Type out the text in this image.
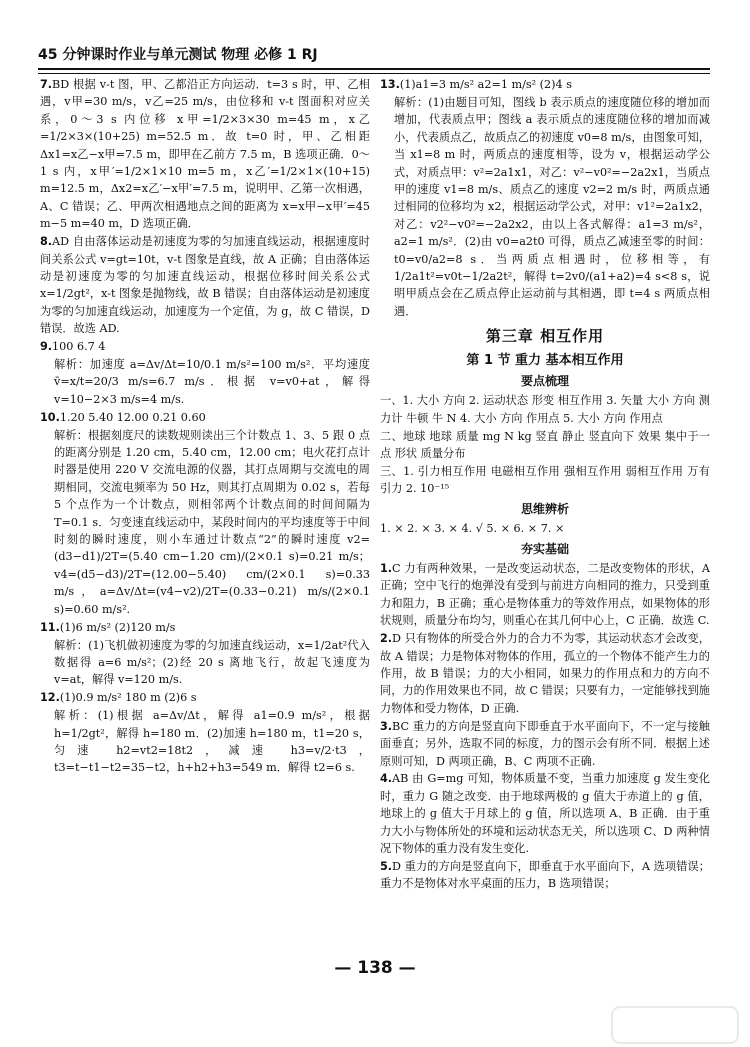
45 分钟课时作业与单元测试 物理 必修 1 RJ

7.BD 根据 v-t 图，甲、乙都沿正方向运动．t=3 s 时，甲、乙相遇，v甲=30 m/s，v乙=25 m/s，由位移和 v-t 图面积对应关系，0～3 s 内位移 x甲=1/2×3×30 m=45 m，x乙=1/2×3×(10+25) m=52.5 m．故 t=0 时，甲、乙相距 Δx1=x乙−x甲=7.5 m，即甲在乙前方 7.5 m，B 选项正确．0～1 s 内，x甲′=1/2×1×10 m=5 m，x乙′=1/2×1×(10+15) m=12.5 m，Δx2=x乙′−x甲′=7.5 m，说明甲、乙第一次相遇，A、C 错误；乙、甲两次相遇地点之间的距离为 x=x甲−x甲′=45 m−5 m=40 m，D 选项正确．

8.AD 自由落体运动是初速度为零的匀加速直线运动，根据速度时间关系公式 v=gt=10t，v-t 图象是直线，故 A 正确；自由落体运动是初速度为零的匀加速直线运动，根据位移时间关系公式 x=1/2gt²，x-t 图象是抛物线，故 B 错误；自由落体运动是初速度为零的匀加速直线运动，加速度为一个定值，为 g，故 C 错误，D 错误．故选 AD.

9.100 6.7 4

解析：加速度 a=Δv/Δt=10/0.1 m/s²=100 m/s²．平均速度 v̄=x/t=20/3 m/s=6.7 m/s．根据 v=v0+at，解得 v=10−2×3 m/s=4 m/s.

10.1.20 5.40 12.00 0.21 0.60

解析：根据刻度尺的读数规则读出三个计数点 1、3、5 跟 0 点的距离分别是 1.20 cm，5.40 cm，12.00 cm；电火花打点计时器是使用 220 V 交流电源的仪器，其打点周期与交流电的周期相同，交流电频率为 50 Hz，则其打点周期为 0.02 s，若每 5 个点作为一个计数点，则相邻两个计数点间的时间间隔为 T=0.1 s．匀变速直线运动中，某段时间内的平均速度等于中间时刻的瞬时速度，则小车通过计数点“2”的瞬时速度 v2=(d3−d1)/2T=(5.40 cm−1.20 cm)/(2×0.1 s)=0.21 m/s；v4=(d5−d3)/2T=(12.00−5.40) cm/(2×0.1 s)=0.33 m/s，a=Δv/Δt=(v4−v2)/2T=(0.33−0.21) m/s/(2×0.1 s)=0.60 m/s².

11.(1)6 m/s² (2)120 m/s

解析：(1)飞机做初速度为零的匀加速直线运动，x=1/2at²代入数据得 a=6 m/s²；(2)经 20 s 离地飞行，故起飞速度为 v=at，解得 v=120 m/s.

12.(1)0.9 m/s² 180 m (2)6 s

解析：(1)根据 a=Δv/Δt，解得 a1=0.9 m/s²，根据 h=1/2gt²，解得 h=180 m．(2)加速 h=180 m，t1=20 s，匀速 h2=vt2=18t2，减速 h3=v/2·t3，t3=t−t1−t2=35−t2，h+h2+h3=549 m．解得 t2=6 s.

13.(1)a1=3 m/s² a2=1 m/s² (2)4 s

解析：(1)由题目可知，图线 b 表示质点的速度随位移的增加而增加，代表质点甲；图线 a 表示质点的速度随位移的增加而减小，代表质点乙，故质点乙的初速度 v0=8 m/s，由图象可知，当 x1=8 m 时，两质点的速度相等，设为 v，根据运动学公式，对质点甲：v²=2a1x1，对乙：v²−v0²=−2a2x1，当质点甲的速度 v1=8 m/s、质点乙的速度 v2=2 m/s 时，两质点通过相同的位移均为 x2，根据运动学公式，对甲：v1²=2a1x2，对乙：v2²−v0²=−2a2x2，由以上各式解得：a1=3 m/s²，a2=1 m/s²．(2)由 v0=a2t0 可得，质点乙减速至零的时间：t0=v0/a2=8 s．当两质点相遇时，位移相等，有 1/2a1t²=v0t−1/2a2t²，解得 t=2v0/(a1+a2)=4 s<8 s，说明甲质点会在乙质点停止运动前与其相遇，即 t=4 s 两质点相遇．

第三章 相互作用
第 1 节 重力 基本相互作用
要点梳理

一、1. 大小 方向 2. 运动状态 形变 相互作用 3. 矢量 大小 方向 测力计 牛顿 牛 N 4. 大小 方向 作用点 5. 大小 方向 作用点

二、地球 地球 质量 mg N kg 竖直 静止 竖直向下 效果 集中于一点 形状 质量分布

三、1. 引力相互作用 电磁相互作用 强相互作用 弱相互作用 万有引力 2. 10⁻¹⁵

思维辨析

1. × 2. × 3. × 4. √ 5. × 6. × 7. ×

夯实基础

1.C 力有两种效果，一是改变运动状态，二是改变物体的形状，A 正确；空中飞行的炮弹没有受到与前进方向相同的推力，只受到重力和阻力，B 正确；重心是物体重力的等效作用点，如果物体的形状规则，质量分布均匀，则重心在其几何中心上，C 正确．故选 C.

2.D 只有物体的所受合外力的合力不为零，其运动状态才会改变，故 A 错误；力是物体对物体的作用，孤立的一个物体不能产生力的作用，故 B 错误；力的大小相同，如果力的作用点和力的方向不同，力的作用效果也不同，故 C 错误；只要有力，一定能够找到施力物体和受力物体，D 正确.

3.BC 重力的方向是竖直向下即垂直于水平面向下，不一定与接触面垂直；另外，选取不同的标度，力的图示会有所不同．根据上述原则可知，D 两项正确，B、C 两项不正确.

4.AB 由 G=mg 可知，物体质量不变，当重力加速度 g 发生变化时，重力 G 随之改变．由于地球两极的 g 值大于赤道上的 g 值，地球上的 g 值大于月球上的 g 值，所以选项 A、B 正确．由于重力大小与物体所处的环境和运动状态无关，所以选项 C、D 两种情况下物体的重力没有发生变化.

5.D 重力的方向是竖直向下，即垂直于水平面向下，A 选项错误；重力不是物体对水平桌面的压力，B 选项错误；

— 138 —
